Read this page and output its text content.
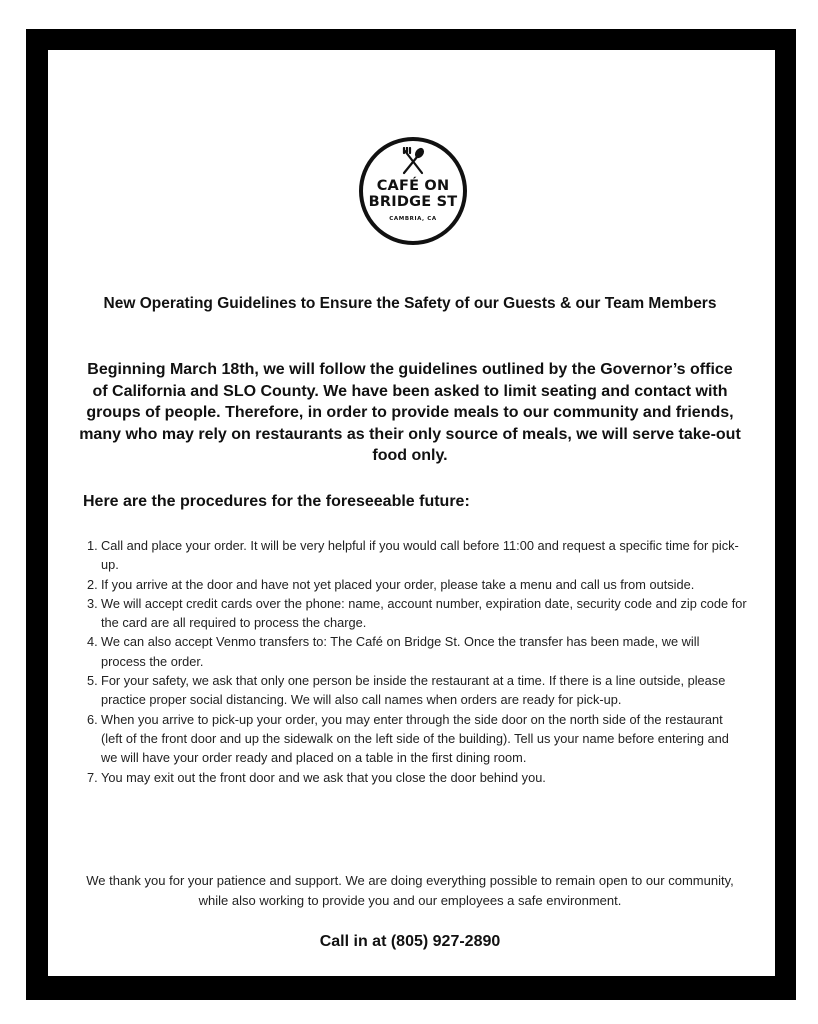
CAFÉ ON
BRIDGE ST
CAMBRIA, CA
New Operating Guidelines to Ensure the Safety of our Guests & our Team Members
Beginning March 18th, we will follow the guidelines outlined by the Governor’s office of California and SLO County. We have been asked to limit seating and contact with groups of people. Therefore, in order to provide meals to our community and friends, many who may rely on restaurants as their only source of meals, we will serve take-out food only.
Here are the procedures for the foreseeable future:
1. Call and place your order. It will be very helpful if you would call before 11:00 and request a specific time for pick-up.
2. If you arrive at the door and have not yet placed your order, please take a menu and call us from outside.
3. We will accept credit cards over the phone: name, account number, expiration date, security code and zip code for the card are all required to process the charge.
4. We can also accept Venmo transfers to: The Café on Bridge St. Once the transfer has been made, we will process the order.
5. For your safety, we ask that only one person be inside the restaurant at a time. If there is a line outside, please practice proper social distancing. We will also call names when orders are ready for pick-up.
6. When you arrive to pick-up your order, you may enter through the side door on the north side of the restaurant (left of the front door and up the sidewalk on the left side of the building). Tell us your name before entering and we will have your order ready and placed on a table in the first dining room.
7. You may exit out the front door and we ask that you close the door behind you.
We thank you for your patience and support. We are doing everything possible to remain open to our community, while also working to provide you and our employees a safe environment.
Call in at (805) 927-2890
